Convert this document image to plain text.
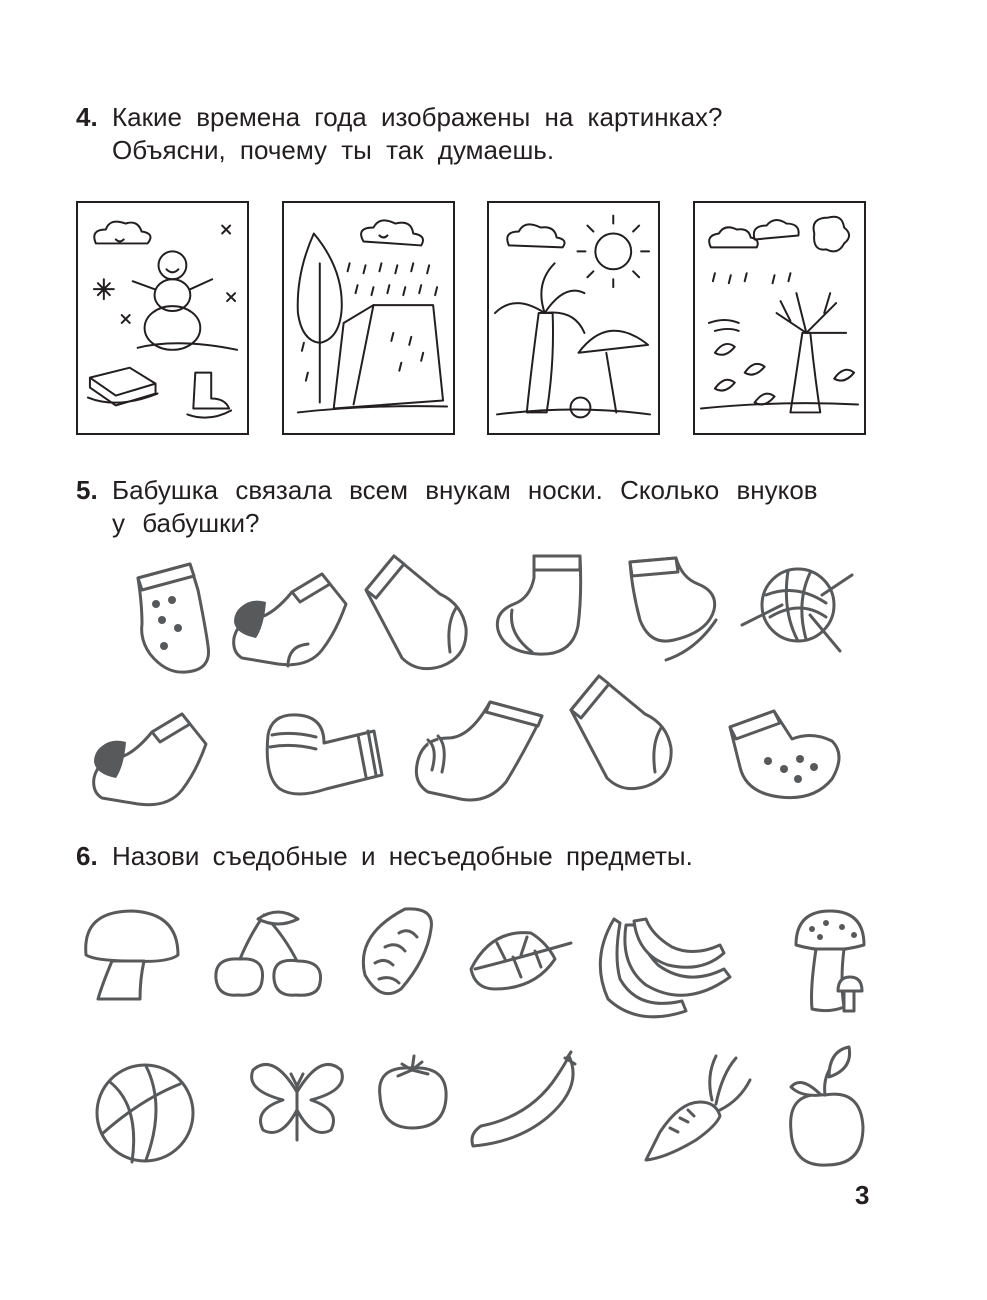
4. Какие времена года изображены на картинках?
Объясни, почему ты так думаешь.
5. Бабушка связала всем внукам носки. Сколько внуков
у бабушки?
6. Назови съедобные и несъедобные предметы.
3
